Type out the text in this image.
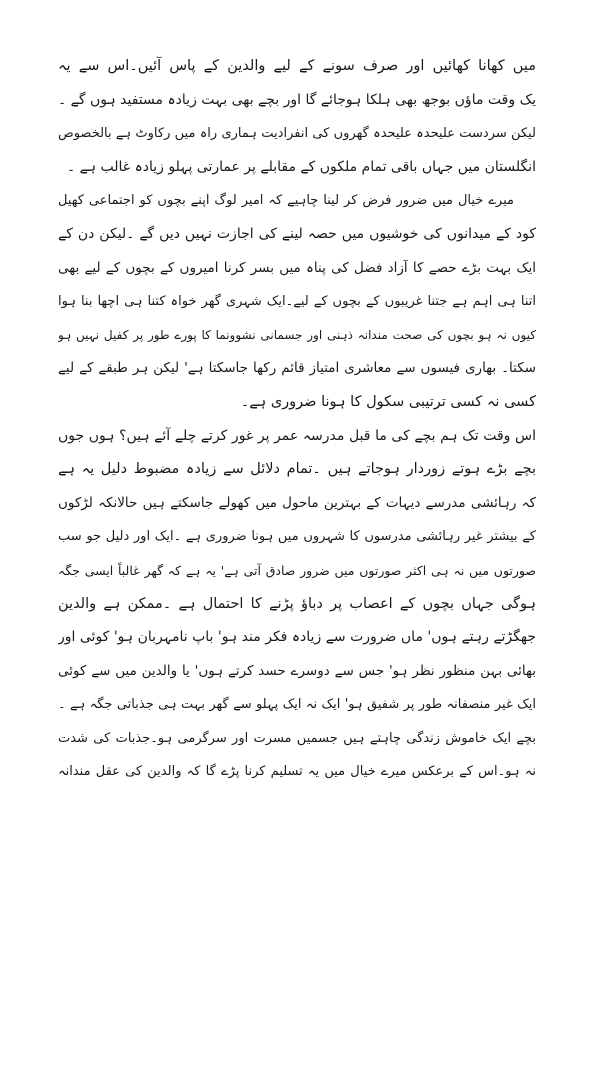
میں کھانا کھائیں اور صرف سونے کے لیے والدین کے پاس آئیں۔اس سے یہ
یک وقت ماؤں بوجھ بھی ہلکا ہوجائے گا اور بچے بھی بہت زیادہ مستفید ہوں گے ۔
لیکن سردست علیحدہ علیحدہ گھروں کی انفرادیت ہماری راہ میں رکاوٹ ہے بالخصوص
انگلستان میں جہاں باقی تمام ملکوں کے مقابلے پر عمارتی پہلو زیادہ غالب ہے ۔
میرے خیال میں ضرور فرض کر لینا چاہیے کہ امیر لوگ اپنے بچوں کو اجتماعی کھیل
کود کے میدانوں کی خوشیوں میں حصہ لینے کی اجازت نہیں دیں گے ۔لیکن دن کے
ایک بہت بڑے حصے کا آزاد فضل کی پناہ میں بسر کرنا امیروں کے بچوں کے لیے بھی
اتنا ہی اہم ہے جتنا غریبوں کے بچوں کے لیے۔ایک شہری گھر خواہ کتنا ہی اچھا بنا ہوا
کیوں نہ ہو بچوں کی صحت مندانہ ذہنی اور جسمانی نشوونما کا پورے طور پر کفیل نہیں ہو
سکتا۔ بھاری فیسوں سے معاشری امتیاز قائم رکھا جاسکتا ہے' لیکن ہر طبقے کے لیے
کسی نہ کسی ترتیبی سکول کا ہونا ضروری ہے۔
اس وقت تک ہم بچے کی ما قبل مدرسہ عمر پر غور کرتے چلے آئے ہیں؟ ہوں جوں
بچے بڑے ہوتے زوردار ہوجاتے ہیں ۔تمام دلائل سے زیادہ مضبوط دلیل یہ ہے
کہ رہائشی مدرسے دیہات کے بہترین ماحول میں کھولے جاسکتے ہیں حالانکہ لڑکوں
کے بیشتر غیر رہائشی مدرسوں کا شہروں میں ہونا ضروری ہے ۔ایک اور دلیل جو سب
صورتوں میں نہ ہی اکثر صورتوں میں ضرور صادق آتی ہے' یہ ہے کہ گھر غالباً ایسی جگہ
ہوگی جہاں بچوں کے اعصاب پر دباؤ پڑنے کا احتمال ہے ۔ممکن ہے والدین
جھگڑتے رہتے ہوں' ماں ضرورت سے زیادہ فکر مند ہو' باپ نامہربان ہو' کوئی اور
بھائی بہن منظور نظر ہو' جس سے دوسرے حسد کرتے ہوں' یا والدین میں سے کوئی
ایک غیر منصفانہ طور پر شفیق ہو' ایک نہ ایک پہلو سے گھر بہت ہی جذباتی جگہ ہے ۔
بچے ایک خاموش زندگی چاہتے ہیں جسمیں مسرت اور سرگرمی ہو۔جذبات کی شدت
نہ ہو۔اس کے برعکس میرے خیال میں یہ تسلیم کرنا پڑے گا کہ والدین کی عقل مندانہ
